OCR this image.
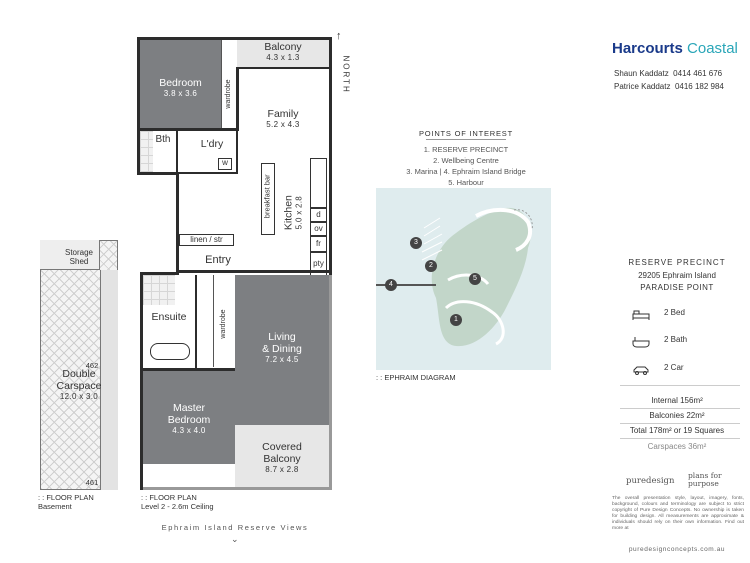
Balcony
4.3 x 1.3
Bedroom
3.8 x 3.6	wardrobe
Family
5.2 x 4.3
Bth	L'dry
w
breakfast bar Kitchen 5.0 x 2.8	d
ov
fr
pty
linen / str
Entry
Ensuite	wardrobe	Living
& Dining
7.2 x 4.5
Master
Bedroom
4.3 x 4.0
Covered
Balcony
8.7 x 2.8
↑
NORTH
: : FLOOR PLAN
Level 2 - 2.6m Ceiling
Ephraim Island Reserve Views
⌄
Storage
Shed
Double
Carspace
12.0 x 3.0
462
461
: : FLOOR PLAN
Basement
POINTS OF INTEREST
1. RESERVE PRECINCT
2. Wellbeing Centre
3. Marina | 4. Ephraim Island Bridge
5. Harbour
1
2
3
4
5
: : EPHRAIM DIAGRAM
Harcourts Coastal
Shaun Kaddatz 0414 461 676
Patrice Kaddatz 0416 182 984
RESERVE PRECINCT
29205 Ephraim Island
PARADISE POINT
2 Bed
2 Bath
2 Car
Internal 156m²
Balconies 22m²
Total 178m² or 19 Squares
Carspaces 36m²
puredesign
plans for purpose
The overall presentation style, layout, imagery, fonts, background, colours and terminology are subject to strict copyright of Pure Design Concepts. No ownership is taken for building design. All measurements are approximate & individuals should rely on their own information. Find out more at
puredesignconcepts.com.au
